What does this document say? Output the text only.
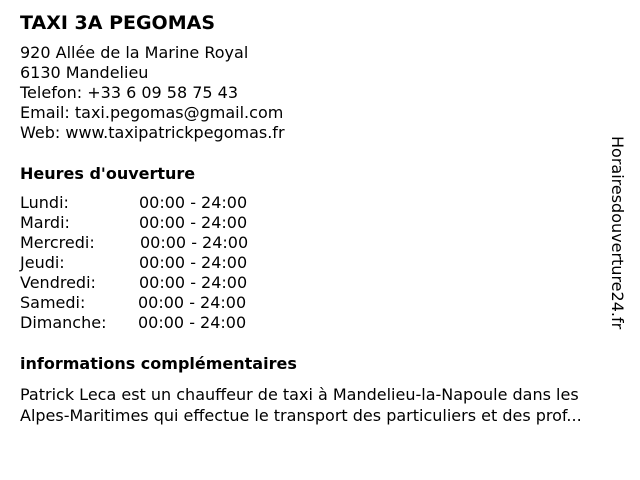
TAXI 3A PEGOMAS
920 Allée de la Marine Royal
6130 Mandelieu
Telefon: +33 6 09 58 75 43
Email: taxi.pegomas@gmail.com
Web: www.taxipatrickpegomas.fr
Heures d'ouverture
Lundi:	00:00 - 24:00
Mardi:	00:00 - 24:00
Mercredi:	00:00 - 24:00
Jeudi:	00:00 - 24:00
Vendredi:	00:00 - 24:00
Samedi:	00:00 - 24:00
Dimanche: 00:00 - 24:00
informations complémentaires
Patrick Leca est un chauffeur de taxi à Mandelieu-la-Napoule dans les
Alpes-Maritimes qui effectue le transport des particuliers et des prof...
Horairesdouverture24.fr
